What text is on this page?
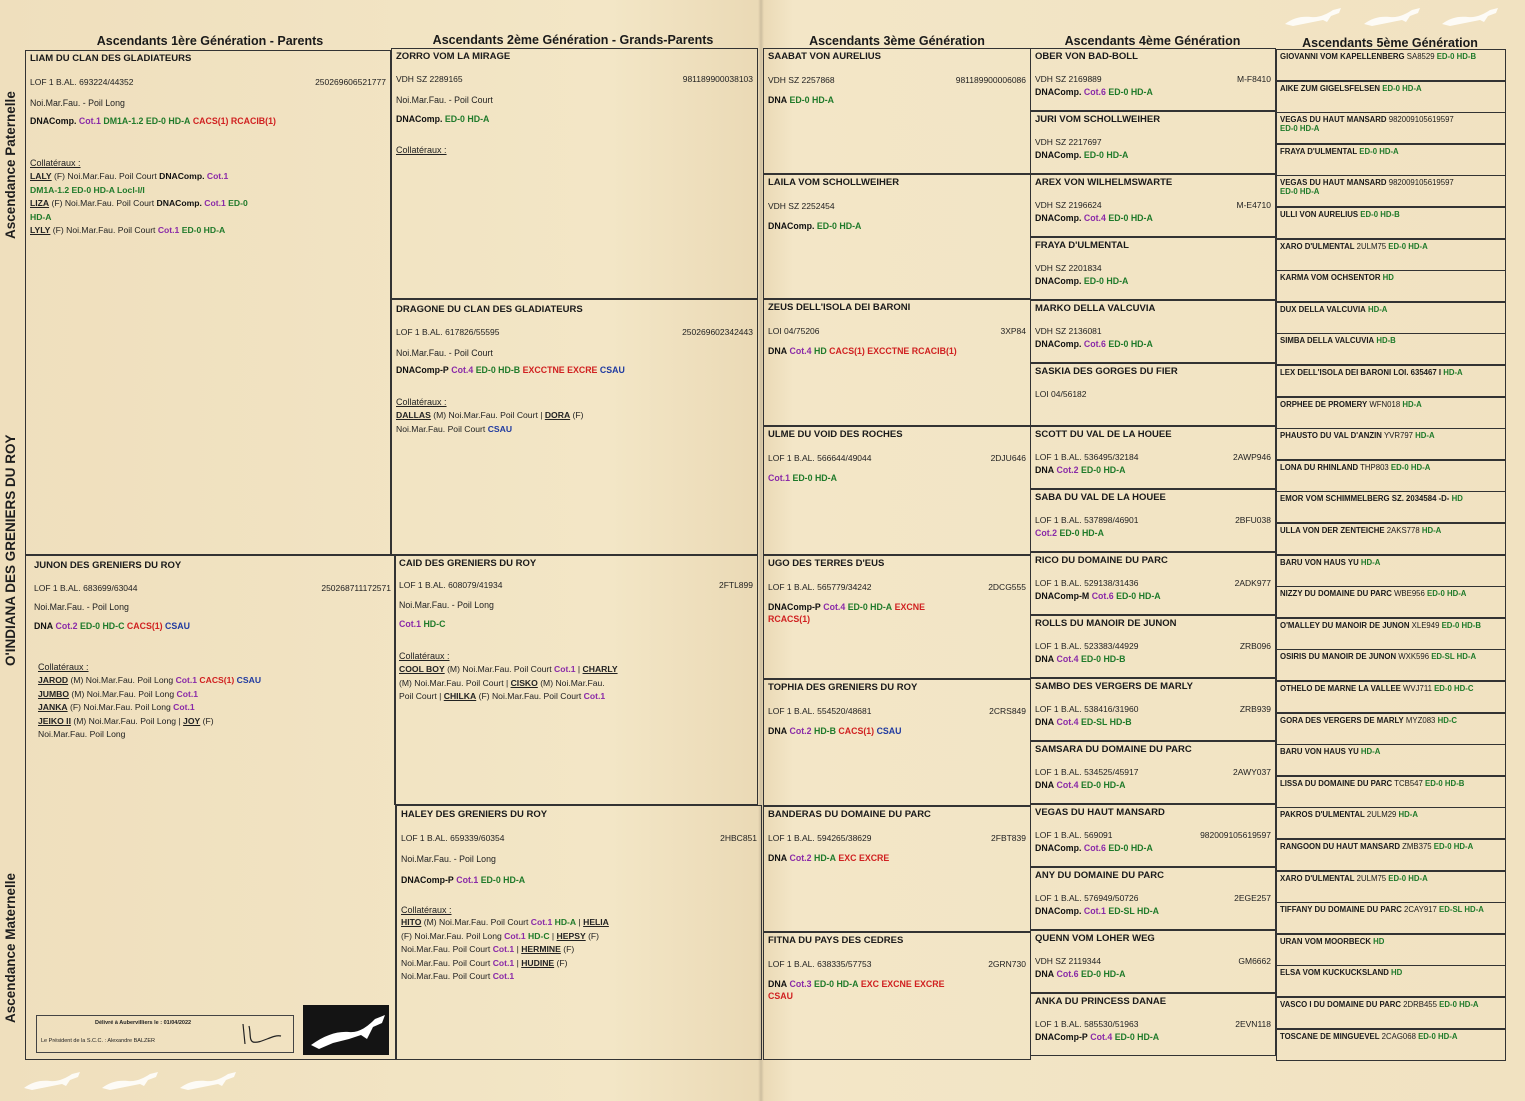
Ascendants 1ère Génération - Parents	Ascendants 2ème Génération - Grands-Parents	Ascendants 3ème Génération	Ascendants 4ème Génération	Ascendants 5ème Génération
Ascendance Paternelle
O'INDIANA DES GRENIERS DU ROY
Ascendance Maternelle
LIAM DU CLAN DES GLADIATEURS
LOF 1 B.AL. 693224/44352	250269606521777
Noi.Mar.Fau. - Poil Long
DNAComp. Cot.1 DM1A-1.2 ED-0 HD-A CACS(1) RCACIB(1)
Collatéraux :
LALY (F) Noi.Mar.Fau. Poil Court DNAComp. Cot.1
DM1A-1.2 ED-0 HD-A Locl-I/I
LIZA (F) Noi.Mar.Fau. Poil Court DNAComp. Cot.1 ED-0
HD-A
LYLY (F) Noi.Mar.Fau. Poil Court Cot.1 ED-0 HD-A
JUNON DES GRENIERS DU ROY
LOF 1 B.AL. 683699/63044	250268711172571
Noi.Mar.Fau. - Poil Long
DNA Cot.2 ED-0 HD-C CACS(1) CSAU
Collatéraux :
JAROD (M) Noi.Mar.Fau. Poil Long Cot.1 CACS(1) CSAU
JUMBO (M) Noi.Mar.Fau. Poil Long Cot.1
JANKA (F) Noi.Mar.Fau. Poil Long Cot.1
JEIKO II (M) Noi.Mar.Fau. Poil Long | JOY (F)
Noi.Mar.Fau. Poil Long
ZORRO VOM LA MIRAGE
VDH SZ 2289165	981189900038103
Noi.Mar.Fau. - Poil Court
DNAComp. ED-0 HD-A
Collatéraux :
DRAGONE DU CLAN DES GLADIATEURS
LOF 1 B.AL. 617826/55595	250269602342443
Noi.Mar.Fau. - Poil Court
DNAComp-P Cot.4 ED-0 HD-B EXCCTNE EXCRE CSAU
Collatéraux :
DALLAS (M) Noi.Mar.Fau. Poil Court | DORA (F)
Noi.Mar.Fau. Poil Court CSAU
CAID DES GRENIERS DU ROY
LOF 1 B.AL. 608079/41934	2FTL899
Noi.Mar.Fau. - Poil Long
Cot.1 HD-C
Collatéraux :
COOL BOY (M) Noi.Mar.Fau. Poil Court Cot.1 | CHARLY
(M) Noi.Mar.Fau. Poil Court | CISKO (M) Noi.Mar.Fau.
Poil Court | CHILKA (F) Noi.Mar.Fau. Poil Court Cot.1
HALEY DES GRENIERS DU ROY
LOF 1 B.AL. 659339/60354	2HBC851
Noi.Mar.Fau. - Poil Long
DNAComp-P Cot.1 ED-0 HD-A
Collatéraux :
HITO (M) Noi.Mar.Fau. Poil Court Cot.1 HD-A | HELIA
(F) Noi.Mar.Fau. Poil Long Cot.1 HD-C | HEPSY (F)
Noi.Mar.Fau. Poil Court Cot.1 | HERMINE (F)
Noi.Mar.Fau. Poil Court Cot.1 | HUDINE (F)
Noi.Mar.Fau. Poil Court Cot.1
SAABAT VON AURELIUS
VDH SZ 2257868	981189900006086
DNA ED-0 HD-A

LAILA VOM SCHOLLWEIHER
VDH SZ 2252454
DNAComp. ED-0 HD-A

ZEUS DELL'ISOLA DEI BARONI
LOI 04/75206	3XP84
DNA Cot.4 HD CACS(1) EXCCTNE RCACIB(1)

ULME DU VOID DES ROCHES
LOF 1 B.AL. 566644/49044	2DJU646
Cot.1 ED-0 HD-A

UGO DES TERRES D'EUS
LOF 1 B.AL. 565779/34242	2DCG555
DNAComp-P Cot.4 ED-0 HD-A EXCNE
RCACS(1)
TOPHIA DES GRENIERS DU ROY
LOF 1 B.AL. 554520/48681	2CRS849
DNA Cot.2 HD-B CACS(1) CSAU

BANDERAS DU DOMAINE DU PARC
LOF 1 B.AL. 594265/38629	2FBT839
DNA Cot.2 HD-A EXC EXCRE

FITNA DU PAYS DES CEDRES
LOF 1 B.AL. 638335/57753	2GRN730
DNA Cot.3 ED-0 HD-A EXC EXCNE EXCRE
CSAU
OBER VON BAD-BOLL
VDH SZ 2169889	M-F8410
DNAComp. Cot.6 ED-0 HD-A
JURI VOM SCHOLLWEIHER
VDH SZ 2217697
DNAComp. ED-0 HD-A
AREX VON WILHELMSWARTE
VDH SZ 2196624	M-E4710
DNAComp. Cot.4 ED-0 HD-A
FRAYA D'ULMENTAL
VDH SZ 2201834
DNAComp. ED-0 HD-A
MARKO DELLA VALCUVIA
VDH SZ 2136081
DNAComp. Cot.6 ED-0 HD-A
SASKIA DES GORGES DU FIER
LOI 04/56182
SCOTT DU VAL DE LA HOUEE
LOF 1 B.AL. 536495/32184	2AWP946
DNA Cot.2 ED-0 HD-A
SABA DU VAL DE LA HOUEE
LOF 1 B.AL. 537898/46901	2BFU038
Cot.2 ED-0 HD-A
RICO DU DOMAINE DU PARC
LOF 1 B.AL. 529138/31436	2ADK977
DNAComp-M Cot.6 ED-0 HD-A
ROLLS DU MANOIR DE JUNON
LOF 1 B.AL. 523383/44929	ZRB096
DNA Cot.4 ED-0 HD-B
SAMBO DES VERGERS DE MARLY
LOF 1 B.AL. 538416/31960	ZRB939
DNA Cot.4 ED-SL HD-B
SAMSARA DU DOMAINE DU PARC
LOF 1 B.AL. 534525/45917	2AWY037
DNA Cot.4 ED-0 HD-A
VEGAS DU HAUT MANSARD
LOF 1 B.AL. 569091	982009105619597
DNAComp. Cot.6 ED-0 HD-A
ANY DU DOMAINE DU PARC
LOF 1 B.AL. 576949/50726	2EGE257
DNAComp. Cot.1 ED-SL HD-A
QUENN VOM LOHER WEG
VDH SZ 2119344	GM6662
DNA Cot.6 ED-0 HD-A
ANKA DU PRINCESS DANAE
LOF 1 B.AL. 585530/51963	2EVN118
DNAComp-P Cot.4 ED-0 HD-A
GIOVANNI VOM KAPELLENBERG SA8529 ED-0 HD-B

AIKE ZUM GIGELSFELSEN ED-0 HD-A

VEGAS DU HAUT MANSARD 982009105619597
ED-0 HD-A
FRAYA D'ULMENTAL ED-0 HD-A

VEGAS DU HAUT MANSARD 982009105619597
ED-0 HD-A
ULLI VON AURELIUS ED-0 HD-B

XARO D'ULMENTAL 2ULM75 ED-0 HD-A

KARMA VOM OCHSENTOR HD

DUX DELLA VALCUVIA HD-A

SIMBA DELLA VALCUVIA HD-B

LEX DELL'ISOLA DEI BARONI LOI. 635467 I HD-A

ORPHEE DE PROMERY WFN018 HD-A

PHAUSTO DU VAL D'ANZIN YVR797 HD-A

LONA DU RHINLAND THP803 ED-0 HD-A

EMOR VOM SCHIMMELBERG SZ. 2034584 -D- HD

ULLA VON DER ZENTEICHE 2AKS778 HD-A

BARU VON HAUS YU HD-A

NIZZY DU DOMAINE DU PARC WBE956 ED-0 HD-A

O'MALLEY DU MANOIR DE JUNON XLE949 ED-0 HD-B

OSIRIS DU MANOIR DE JUNON WXK596 ED-SL HD-A

OTHELO DE MARNE LA VALLEE WVJ711 ED-0 HD-C

GORA DES VERGERS DE MARLY MYZ083 HD-C

BARU VON HAUS YU HD-A

LISSA DU DOMAINE DU PARC TCB547 ED-0 HD-B

PAKROS D'ULMENTAL 2ULM29 HD-A

RANGOON DU HAUT MANSARD ZMB375 ED-0 HD-A

XARO D'ULMENTAL 2ULM75 ED-0 HD-A

TIFFANY DU DOMAINE DU PARC 2CAY917 ED-SL HD-A

URAN VOM MOORBECK HD

ELSA VOM KUCKUCKSLAND HD

VASCO I DU DOMAINE DU PARC 2DRB455 ED-0 HD-A

TOSCANE DE MINGUEVEL 2CAG068 ED-0 HD-A

Délivré à Aubervilliers le : 01/04/2022
Le Président de la S.C.C. : Alexandre BALZER
